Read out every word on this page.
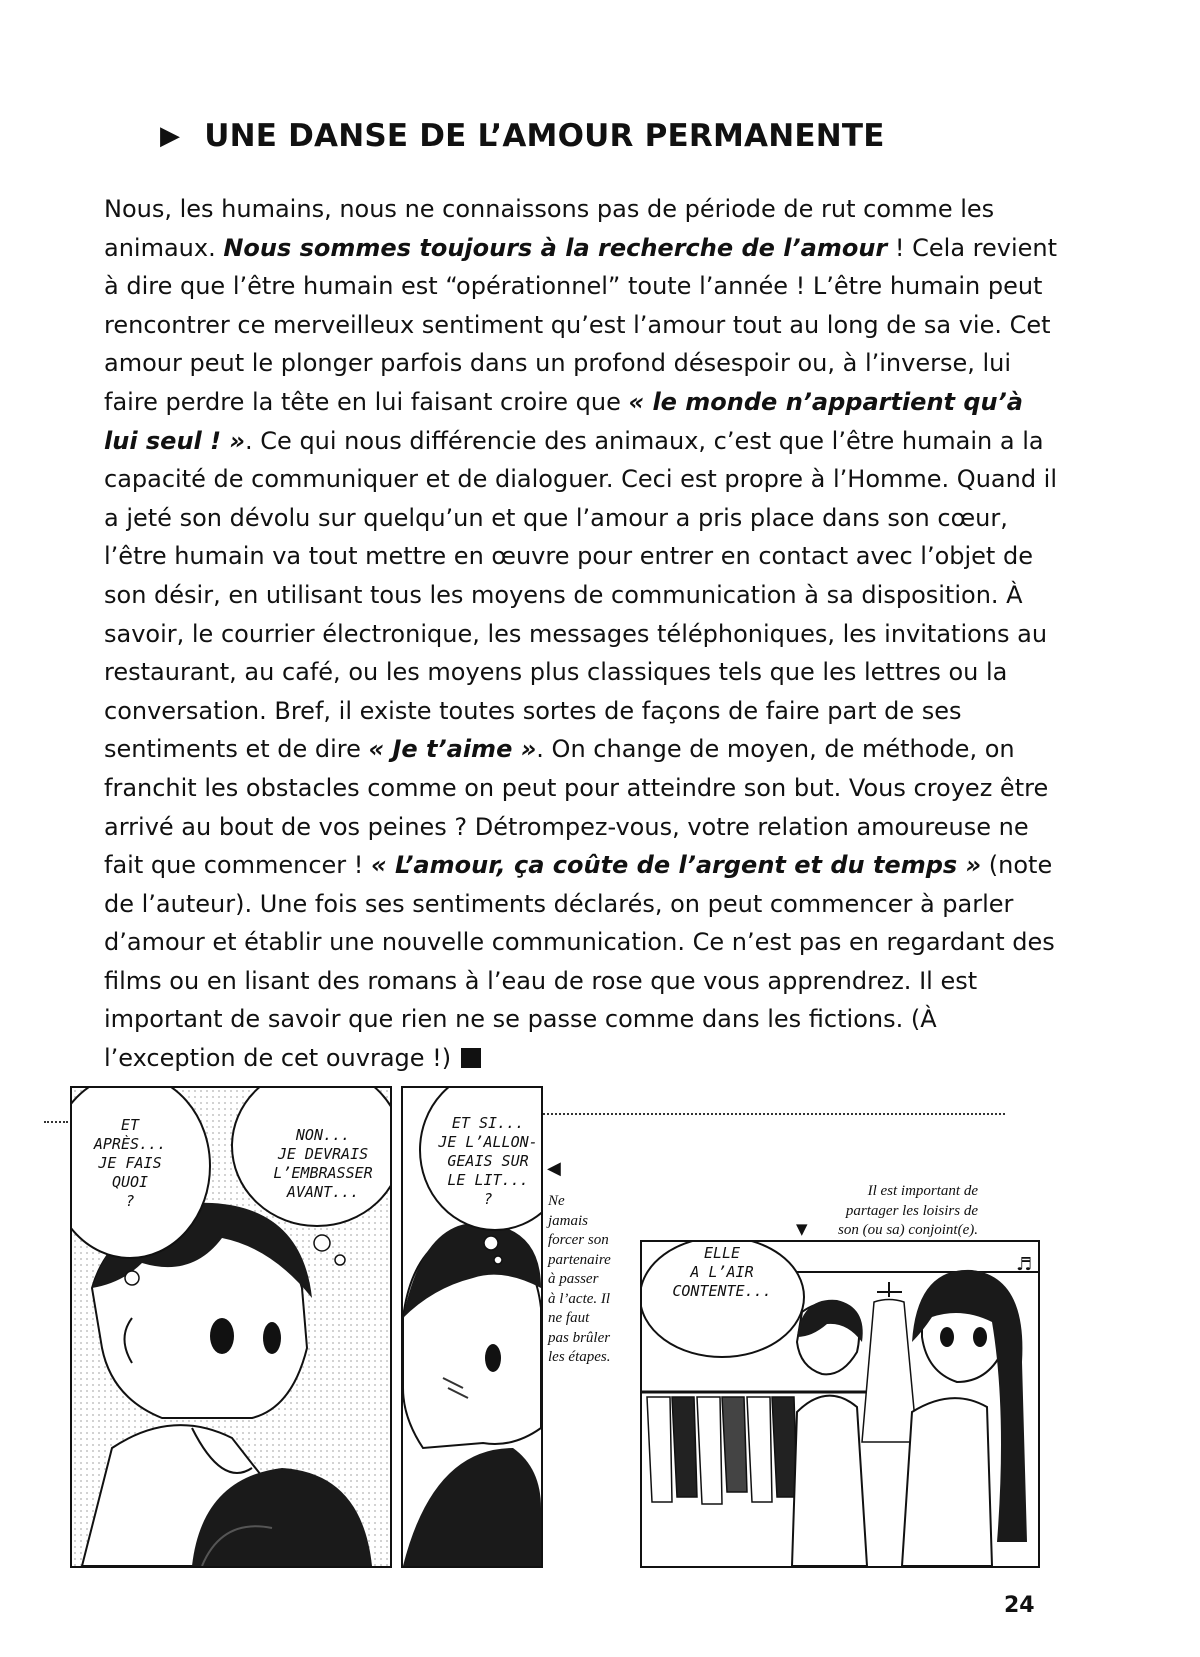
▶ UNE DANSE DE L’AMOUR PERMANENTE

Nous, les humains, nous ne connaissons pas de période de rut comme les animaux. Nous sommes toujours à la recherche de l’amour ! Cela revient à dire que l’être humain est “opérationnel” toute l’année ! L’être humain peut rencontrer ce merveilleux sentiment qu’est l’amour tout au long de sa vie. Cet amour peut le plonger parfois dans un profond désespoir ou, à l’inverse, lui faire perdre la tête en lui faisant croire que « le monde n’appartient qu’à lui seul ! ». Ce qui nous différencie des animaux, c’est que l’être humain a la capacité de communiquer et de dialoguer. Ceci est propre à l’Homme. Quand il a jeté son dévolu sur quelqu’un et que l’amour a pris place dans son cœur, l’être humain va tout mettre en œuvre pour entrer en contact avec l’objet de son désir, en utilisant tous les moyens de communication à sa disposition. À savoir, le courrier électronique, les messages téléphoniques, les invitations au restaurant, au café, ou les moyens plus classiques tels que les lettres ou la conversation. Bref, il existe toutes sortes de façons de faire part de ses sentiments et de dire « Je t’aime ». On change de moyen, de méthode, on franchit les obstacles comme on peut pour atteindre son but. Vous croyez être arrivé au bout de vos peines ? Détrompez-vous, votre relation amoureuse ne fait que commencer ! « L’amour, ça coûte de l’argent et du temps » (note de l’auteur). Une fois ses sentiments déclarés, on peut commencer à parler d’amour et établir une nouvelle communication. Ce n’est pas en regardant des films ou en lisant des romans à l’eau de rose que vous apprendrez. Il est important de savoir que rien ne se passe comme dans les fictions. (À l’exception de cet ouvrage !)

ET
APRÈS...
JE FAIS
QUOI
?
NON...
JE DEVRAIS
L’EMBRASSER
AVANT...
ET SI...
JE L’ALLON-
GEAIS SUR
LE LIT...
?
◀
Ne
jamais
forcer son
partenaire
à passer
à l’acte. Il
ne faut
pas brûler
les étapes.
Il est important de
partager les loisirs de
son (ou sa) conjoint(e).
▼
ELLE
A L’AIR
CONTENTE...
♬
24
